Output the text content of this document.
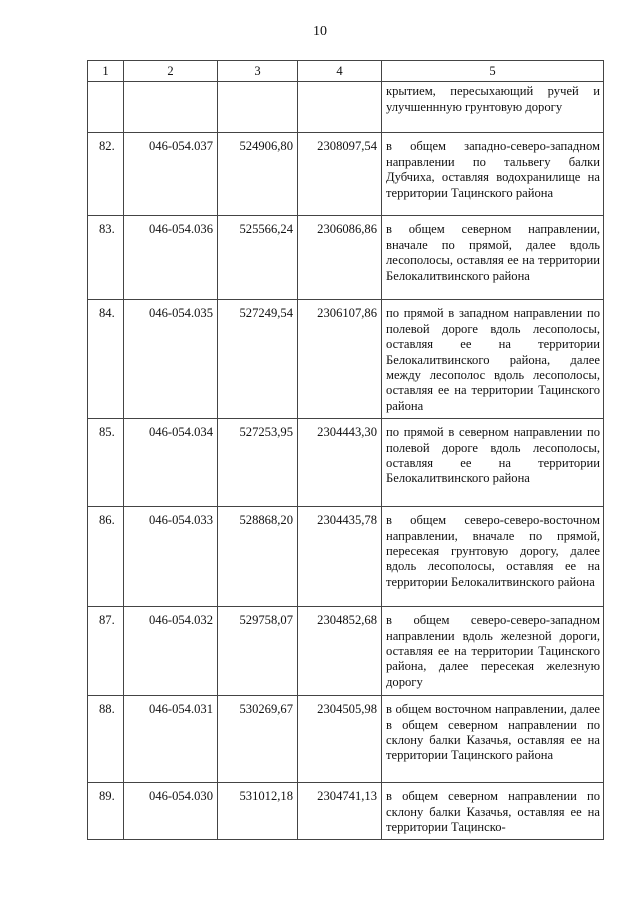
10
1	2	3	4	5
				крытием, пересыхающий ручей и улучшеннную грунтовую дорогу
82.	046-054.037	524906,80	2308097,54	в общем западно-северо-западном направлении по тальвегу балки Дубчиха, оставляя водохранилище на территории Тацинского района
83.	046-054.036	525566,24	2306086,86	в общем северном направлении, вначале по прямой, далее вдоль лесополосы, оставляя ее на территории Белокалитвинского района
84.	046-054.035	527249,54	2306107,86	по прямой в западном направлении по полевой дороге вдоль лесополосы, оставляя ее на территории Белокалитвинского района, далее между лесополос вдоль лесополосы, оставляя ее на территории Тацинского района
85.	046-054.034	527253,95	2304443,30	по прямой в северном направлении по полевой дороге вдоль лесополосы, оставляя ее на территории Белокалитвинского района
86.	046-054.033	528868,20	2304435,78	в общем северо-северо-восточном направлении, вначале по прямой, пересекая грунтовую дорогу, далее вдоль лесополосы, оставляя ее на территории Белокалитвинского района
87.	046-054.032	529758,07	2304852,68	в общем северо-северо-западном направлении вдоль железной дороги, оставляя ее на территории Тацинского района, далее пересекая железную дорогу
88.	046-054.031	530269,67	2304505,98	в общем восточном направлении, далее в общем северном направлении по склону балки Казачья, оставляя ее на территории Тацинского района
89.	046-054.030	531012,18	2304741,13	в общем северном направлении по склону балки Казачья, оставляя ее на территории Тацинско-
